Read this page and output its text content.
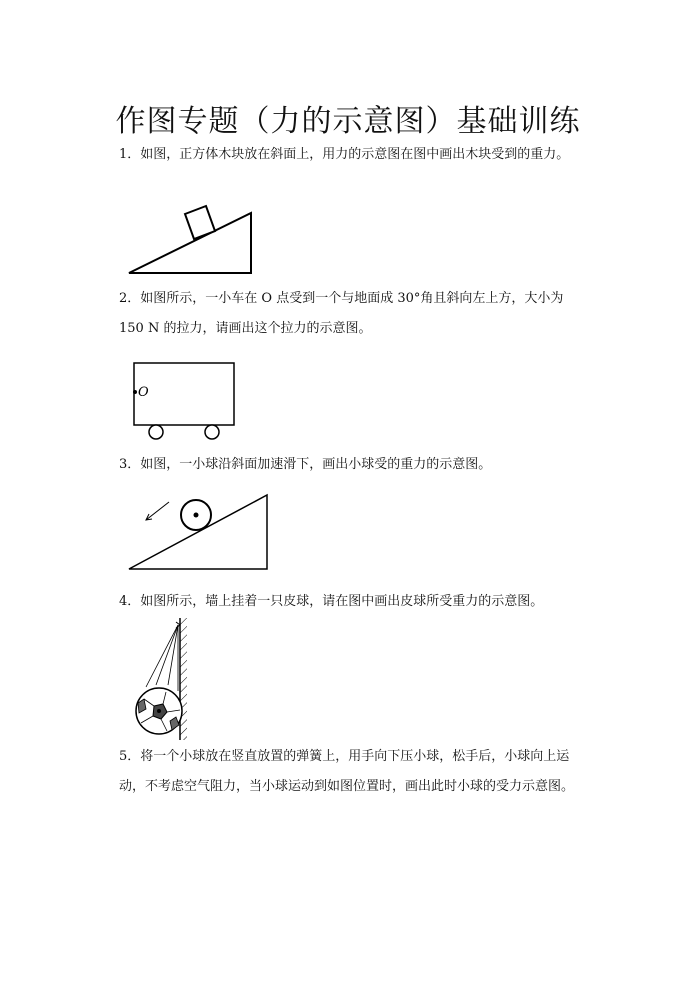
作图专题（力的示意图）基础训练
1．如图，正方体木块放在斜面上，用力的示意图在图中画出木块受到的重力。
2．如图所示，一小车在 O 点受到一个与地面成 30°角且斜向左上方，大小为 150 N 的拉力，请画出这个拉力的示意图。
O
3．如图，一小球沿斜面加速滑下，画出小球受的重力的示意图。
4．如图所示，墙上挂着一只皮球，请在图中画出皮球所受重力的示意图。
5．将一个小球放在竖直放置的弹簧上，用手向下压小球，松手后，小球向上运动，不考虑空气阻力，当小球运动到如图位置时，画出此时小球的受力示意图。
